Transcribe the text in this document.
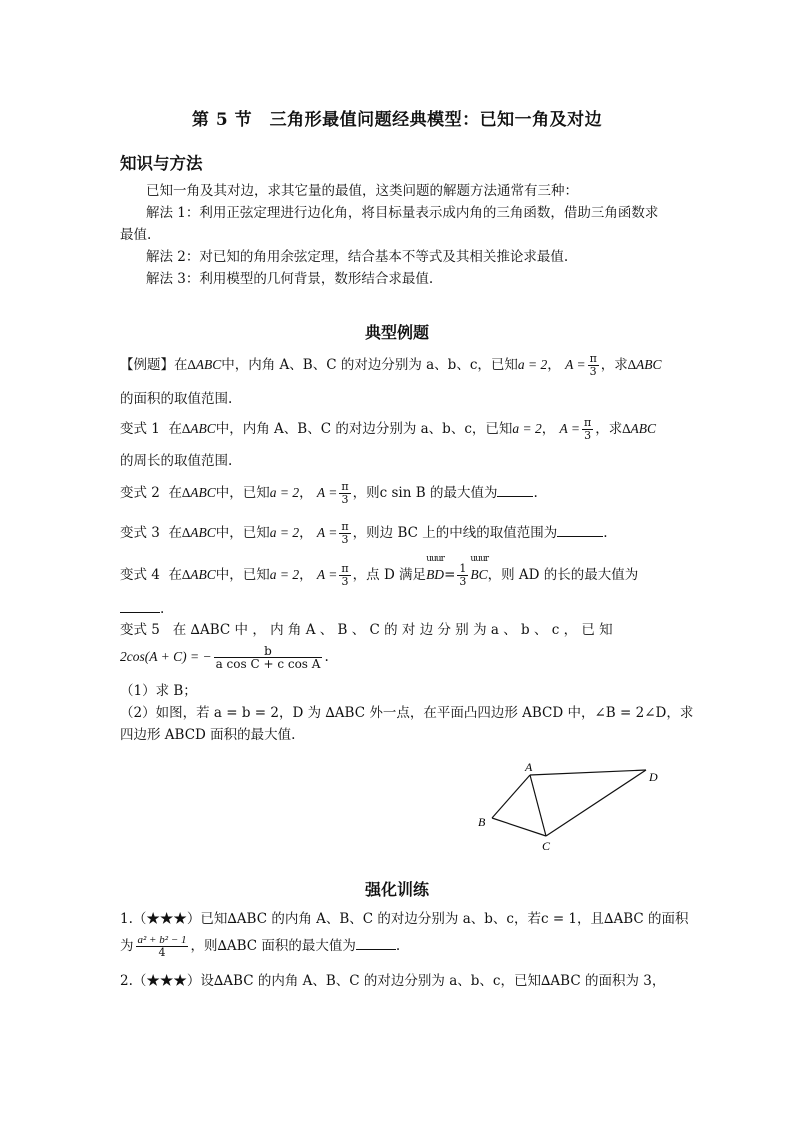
第 5 节　三角形最值问题经典模型：已知一角及对边
知识与方法
已知一角及其对边，求其它量的最值，这类问题的解题方法通常有三种：
解法 1：利用正弦定理进行边化角，将目标量表示成内角的三角函数，借助三角函数求
最值.
解法 2：对已知的角用余弦定理，结合基本不等式及其相关推论求最值.
解法 3：利用模型的几何背景，数形结合求最值.
典型例题
【例题】在∆ABC中，内角 A、B、C 的对边分别为 a、b、c，已知a = 2， $A = \frac{\pi}{3}$ ，求∆ABC
的面积的取值范围.
变式 1 在∆ABC中，内角 A、B、C 的对边分别为 a、b、c，已知a = 2， $A = \frac{\pi}{3}$ ，求∆ABC
的周长的取值范围.
变式 2 在∆ABC中，已知a = 2， $A = \frac{\pi}{3}$ ，则c sin B 的最大值为	.
变式 3 在∆ABC中，已知a = 2， $A = \frac{\pi}{3}$ ，则边 BC 上的中线的取值范围为	.
变式 4 在∆ABC中，已知a = 2， $A = \frac{\pi}{3}$ ，点 D 满足
uuur
$BD= \frac{1}{3}$
uuur
BC，则 AD 的长的最大值为
.
变式 5 在 ∆ABC 中 ， 内 角 A 、 B 、 C 的 对 边 分 别 为 a 、 b 、 c ， 已 知
2cos(A + C) = − $\frac{b}{\text{a cos C + c cos A}}$ .
（1）求 B；
（2）如图，若 a = b = 2，D 为 ∆ABC 外一点，在平面凸四边形 ABCD 中，∠B = 2∠D，求
四边形 ABCD 面积的最大值.
A
B
C
D
强化训练
1.（★★★）已知∆ABC 的内角 A、B、C 的对边分别为 a、b、c，若c = 1，且∆ABC 的面积
为 $\frac{\text{a² + b² − 1}}{4}$ ，则∆ABC 面积的最大值为	.
2.（★★★）设∆ABC 的内角 A、B、C 的对边分别为 a、b、c，已知∆ABC 的面积为 3，
